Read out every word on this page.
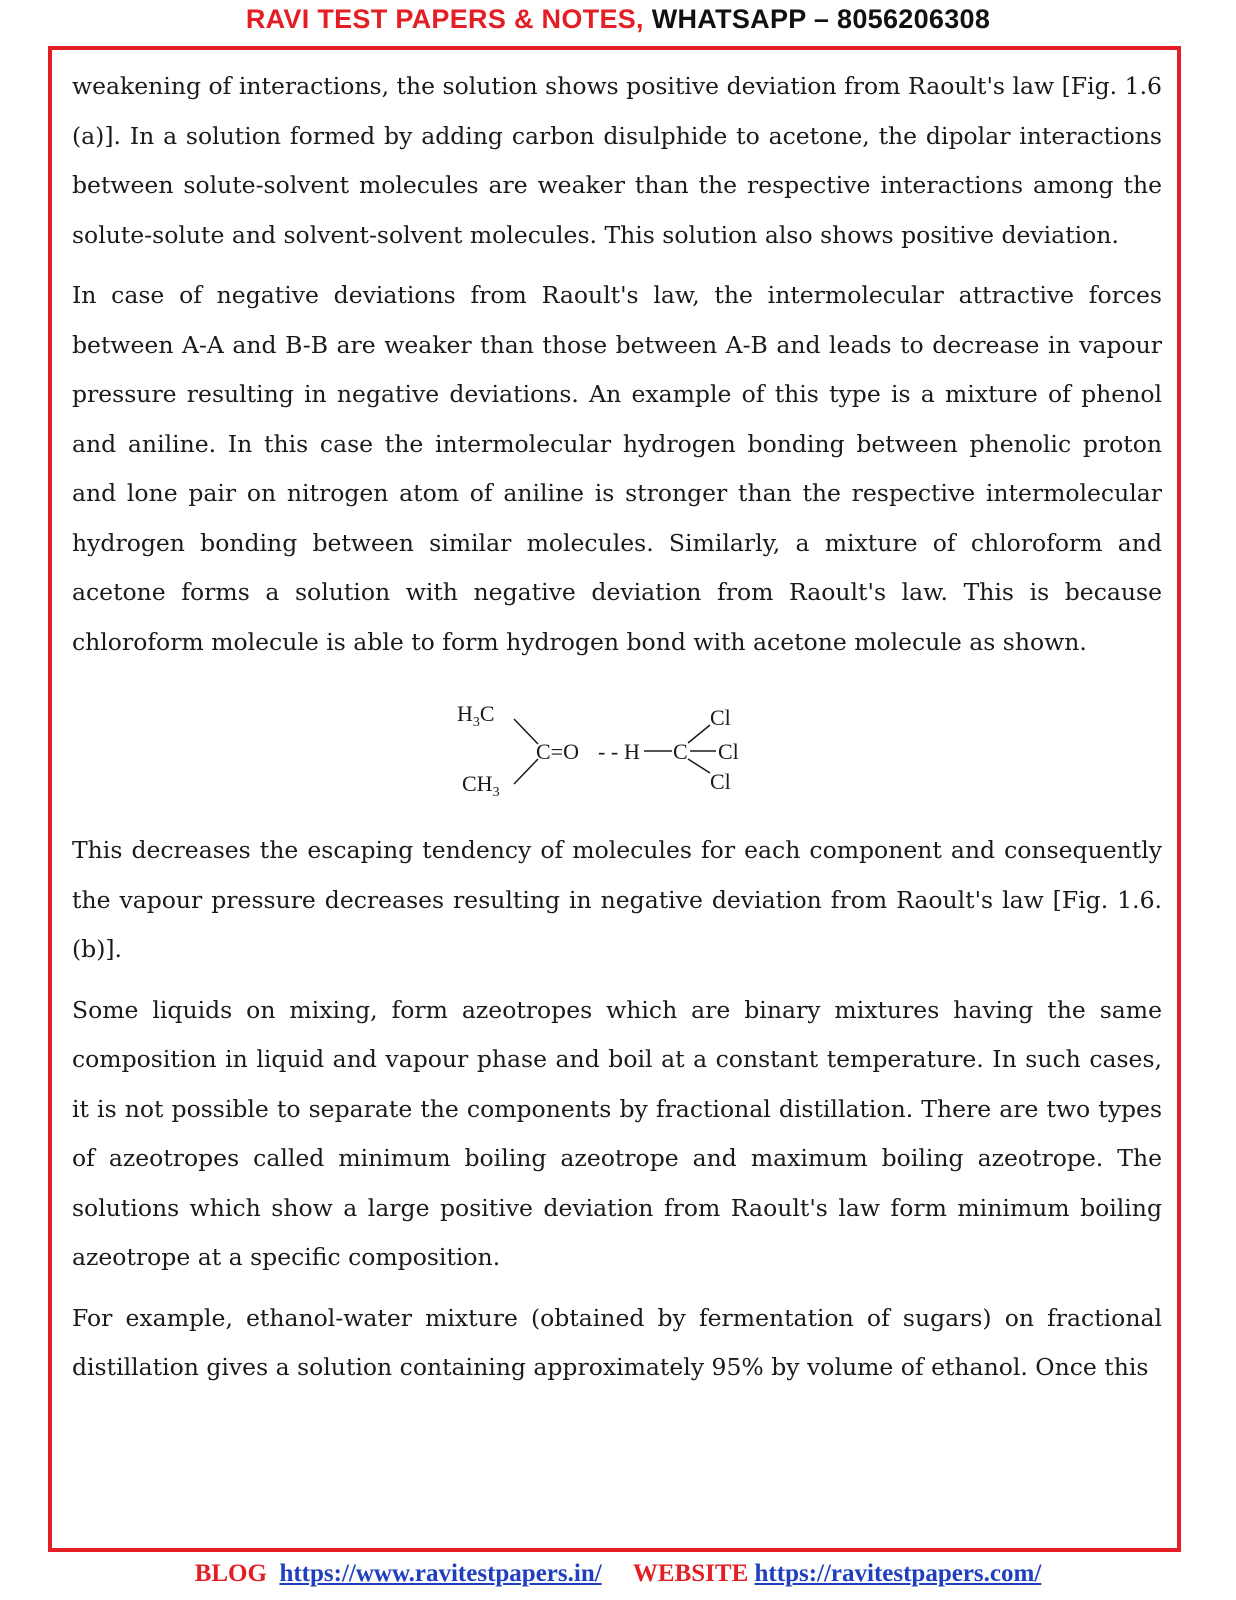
RAVI TEST PAPERS & NOTES, WHATSAPP – 8056206308

weakening of interactions, the solution shows positive deviation from Raoult's law [Fig. 1.6 (a)]. In a solution formed by adding carbon disulphide to acetone, the dipolar interactions between solute-solvent molecules are weaker than the respective interactions among the solute-solute and solvent-solvent molecules. This solution also shows positive deviation.

In case of negative deviations from Raoult's law, the intermolecular attractive forces between A-A and B-B are weaker than those between A-B and leads to decrease in vapour pressure resulting in negative deviations. An example of this type is a mixture of phenol and aniline. In this case the intermolecular hydrogen bonding between phenolic proton and lone pair on nitrogen atom of aniline is stronger than the respective intermolecular hydrogen bonding between similar molecules. Similarly, a mixture of chloroform and acetone forms a solution with negative deviation from Raoult's law. This is because chloroform molecule is able to form hydrogen bond with acetone molecule as shown.

$H_3C$
$CH_3$
C=O - - H C
Cl
Cl
Cl

This decreases the escaping tendency of molecules for each component and consequently the vapour pressure decreases resulting in negative deviation from Raoult's law [Fig. 1.6. (b)].

Some liquids on mixing, form azeotropes which are binary mixtures having the same composition in liquid and vapour phase and boil at a constant temperature. In such cases, it is not possible to separate the components by fractional distillation. There are two types of azeotropes called minimum boiling azeotrope and maximum boiling azeotrope. The solutions which show a large positive deviation from Raoult's law form minimum boiling azeotrope at a specific composition.

For example, ethanol-water mixture (obtained by fermentation of sugars) on fractional distillation gives a solution containing approximately 95% by volume of ethanol. Once this

BLOG https://www.ravitestpapers.in/ WEBSITE https://ravitestpapers.com/
